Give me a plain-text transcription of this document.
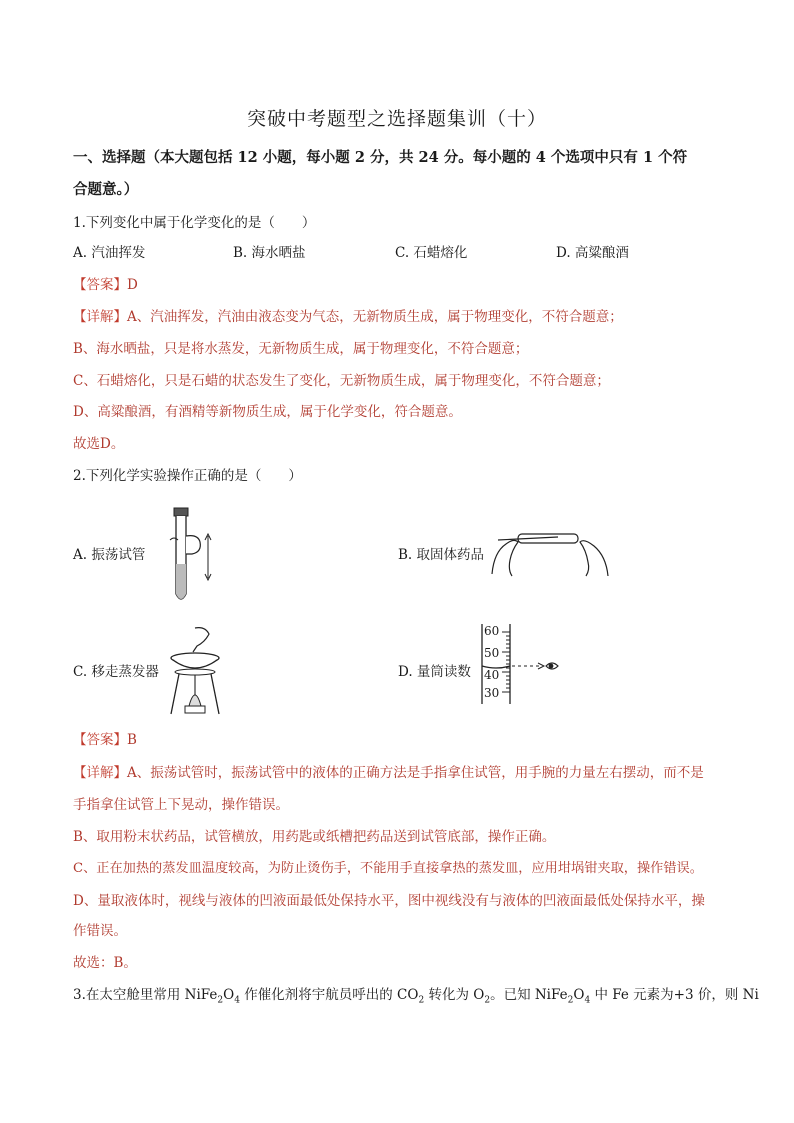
突破中考题型之选择题集训（十）
一、选择题（本大题包括 12 小题，每小题 2 分，共 24 分。每小题的 4 个选项中只有 1 个符
合题意。）
1.下列变化中属于化学变化的是（　　）
A. 汽油挥发	B. 海水晒盐	C. 石蜡熔化	D. 高粱酿酒
【答案】D
【详解】A、汽油挥发，汽油由液态变为气态，无新物质生成，属于物理变化，不符合题意；
B、海水晒盐，只是将水蒸发，无新物质生成，属于物理变化，不符合题意；
C、石蜡熔化，只是石蜡的状态发生了变化，无新物质生成，属于物理变化，不符合题意；
D、高粱酿酒，有酒精等新物质生成，属于化学变化，符合题意。
故选D。
2.下列化学实验操作正确的是（　　）
A. 振荡试管	B. 取固体药品
C. 移走蒸发器	D. 量筒读数
60
50
40
30
【答案】B
【详解】A、振荡试管时，振荡试管中的液体的正确方法是手指拿住试管，用手腕的力量左右摆动，而不是
手指拿住试管上下晃动，操作错误。
B、取用粉末状药品，试管横放，用药匙或纸槽把药品送到试管底部，操作正确。
C、正在加热的蒸发皿温度较高，为防止烫伤手，不能用手直接拿热的蒸发皿，应用坩埚钳夹取，操作错误。
D、量取液体时，视线与液体的凹液面最低处保持水平，图中视线没有与液体的凹液面最低处保持水平，操
作错误。
故选：B。
3.在太空舱里常用 $NiFe_2O_4$ 作催化剂将宇航员呼出的 $CO_2$ 转化为 $O_2$。已知 $NiFe_2O_4$ 中 Fe 元素为+3 价，则 Ni
